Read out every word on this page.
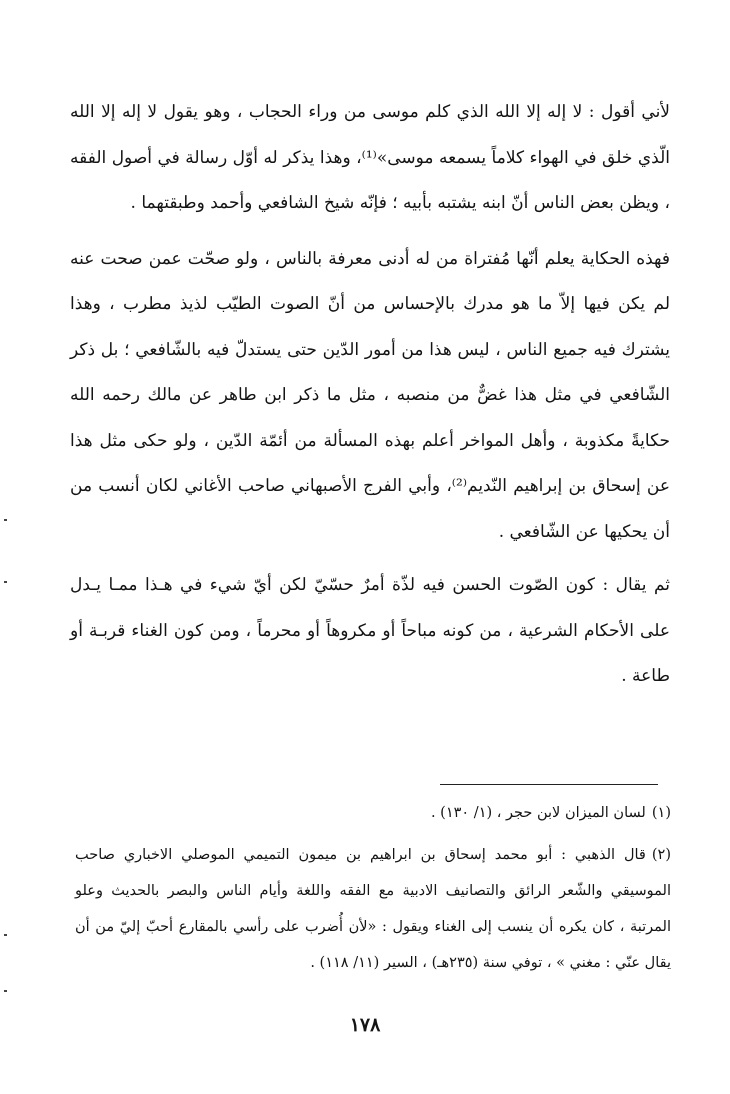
لأني أقول : لا إله إلا الله الذي كلم موسى من وراء الحجاب ، وهو يقول لا إله إلا الله الّذي خلق في الهواء كلاماً يسمعه موسى»⁽¹⁾، وهذا يذكر له أوّل رسالة في أصول الفقه ، ويظن بعض الناس أنّ ابنه يشتبه بأبيه ؛ فإنّه شيخ الشافعي وأحمد وطبقتهما .

فهذه الحكاية يعلم أنّها مُفتراة من له أدنى معرفة بالناس ، ولو صحّت عمن صحت عنه لم يكن فيها إلاّ ما هو مدرك بالإحساس من أنّ الصوت الطيّب لذيذ مطرب ، وهذا يشترك فيه جميع الناس ، ليس هذا من أمور الدّين حتى يستدلّ فيه بالشّافعي ؛ بل ذكر الشّافعي في مثل هذا غضٌّ من منصبه ، مثل ما ذكر ابن طاهر عن مالك رحمه الله حكايةً مكذوبة ، وأهل المواخر أعلم بهذه المسألة من أئمّة الدّين ، ولو حكى مثل هذا عن إسحاق بن إبراهيم النّديم⁽²⁾، وأبي الفرج الأصبهاني صاحب الأغاني لكان أنسب من أن يحكيها عن الشّافعي .

ثم يقال : كون الصّوت الحسن فيه لذّة أمرٌ حسّيّ لكن أيّ شيء في هـذا ممـا يـدل على الأحكام الشرعية ، من كونه مباحاً أو مكروهاً أو محرماً ، ومن كون الغناء قربـة أو طاعة .

(١)لسان الميزان لابن حجر ، (١/ ١٣٠) .

(٢)قال الذهبي : أبو محمد إسحاق بن ابراهيم بن ميمون التميمي الموصلي الاخباري صاحب الموسيقي والشّعر الرائق والتصانيف الادبية مع الفقه واللغة وأيام الناس والبصر بالحديث وعلو المرتبة ، كان يكره أن ينسب إلى الغناء ويقول : «لأن أُضرب على رأسي بالمقارع أحبّ إليّ من أن يقال عنّي : مغني » ، توفي سنة (٢٣٥هـ) ، السير (١١/ ١١٨) .

١٧٨
